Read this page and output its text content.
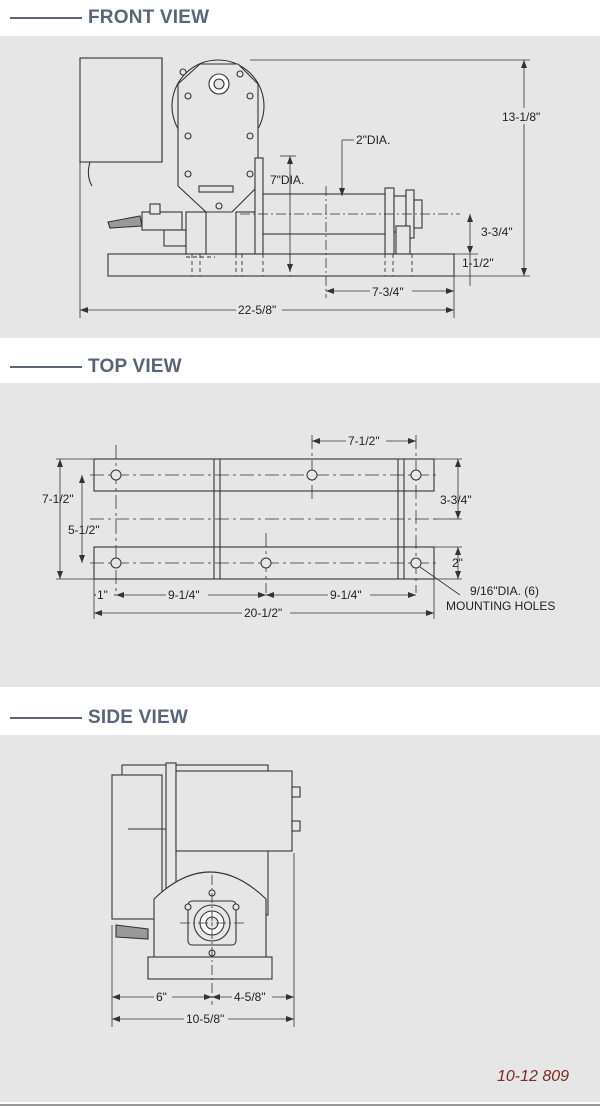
FRONT VIEW
13-1/8"
2"DIA.
7"DIA.
3-3/4"
1-1/2"
7-3/4"
22-5/8"
TOP VIEW
7-1/2"
7-1/2"
5-1/2"
3-3/4"
2"
1"	9-1/4"	9-1/4"
20-1/2"
9/16"DIA. (6)
MOUNTING HOLES
SIDE VIEW
6"	4-5/8"
10-5/8"
10-12 809
